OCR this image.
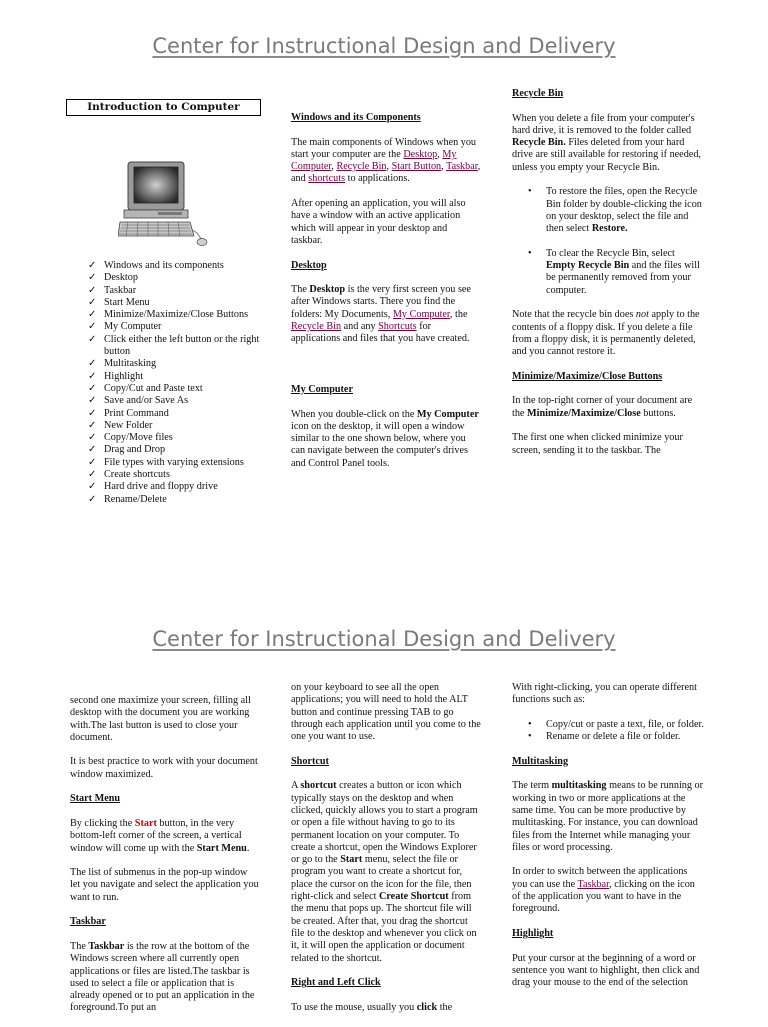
Center for Instructional Design and Delivery
Introduction to Computer
✓ Windows and its components
✓ Desktop
✓ Taskbar
✓ Start Menu
✓ Minimize/Maximize/Close Buttons
✓ My Computer
✓ Click either the left button or the right button
✓ Multitasking
✓ Highlight
✓ Copy/Cut and Paste text
✓ Save and/or Save As
✓ Print Command
✓ New Folder
✓ Copy/Move files
✓ Drag and Drop
✓ File types with varying extensions
✓ Create shortcuts
✓ Hard drive and floppy drive
✓ Rename/Delete
Windows and its Components

The main components of Windows when you start your computer are the Desktop, My Computer, Recycle Bin, Start Button, Taskbar, and shortcuts to applications.

After opening an application, you will also have a window with an active application which will appear in your desktop and taskbar.

Desktop

The Desktop is the very first screen you see after Windows starts. There you find the folders: My Documents, My Computer, the Recycle Bin and any Shortcuts for applications and files that you have created.

My Computer

When you double-click on the My Computer icon on the desktop, it will open a window similar to the one shown below, where you can navigate between the computer's drives and Control Panel tools.

Recycle Bin

When you delete a file from your computer's hard drive, it is removed to the folder called Recycle Bin. Files deleted from your hard drive are still available for restoring if needed, unless you empty your Recycle Bin.

• To restore the files, open the Recycle Bin folder by double-clicking the icon on your desktop, select the file and then select Restore.
• To clear the Recycle Bin, select Empty Recycle Bin and the files will be permanently removed from your computer.

Note that the recycle bin does not apply to the contents of a floppy disk. If you delete a file from a floppy disk, it is permanently deleted, and you cannot restore it.

Minimize/Maximize/Close Buttons

In the top-right corner of your document are the Minimize/Maximize/Close buttons.

The first one when clicked minimize your screen, sending it to the taskbar. The

Center for Instructional Design and Delivery

second one maximize your screen, filling all desktop with the document you are working with.The last button is used to close your document.

It is best practice to work with your document window maximized.

Start Menu

By clicking the Start button, in the very bottom-left corner of the screen, a vertical window will come up with the Start Menu.

The list of submenus in the pop-up window let you navigate and select the application you want to run.

Taskbar

The Taskbar is the row at the bottom of the Windows screen where all currently open applications or files are listed.The taskbar is used to select a file or application that is already opened or to put an application in the foreground.To put an

on your keyboard to see all the open applications; you will need to hold the ALT button and continue pressing TAB to go through each application until you come to the one you want to use.

Shortcut

A shortcut creates a button or icon which typically stays on the desktop and when clicked, quickly allows you to start a program or open a file without having to go to its permanent location on your computer. To create a shortcut, open the Windows Explorer or go to the Start menu, select the file or program you want to create a shortcut for, place the cursor on the icon for the file, then right-click and select Create Shortcut from the menu that pops up. The shortcut file will be created. After that, you drag the shortcut file to the desktop and whenever you click on it, it will open the application or document related to the shortcut.

Right and Left Click

To use the mouse, usually you click the

With right-clicking, you can operate different functions such as:

• Copy/cut or paste a text, file, or folder.
• Rename or delete a file or folder.
Multitasking

The term multitasking means to be running or working in two or more applications at the same time. You can be more productive by multitasking. For instance, you can download files from the Internet while managing your files or word processing.

In order to switch between the applications you can use the Taskbar, clicking on the icon of the application you want to have in the foreground.

Highlight

Put your cursor at the beginning of a word or sentence you want to highlight, then click and drag your mouse to the end of the selection
